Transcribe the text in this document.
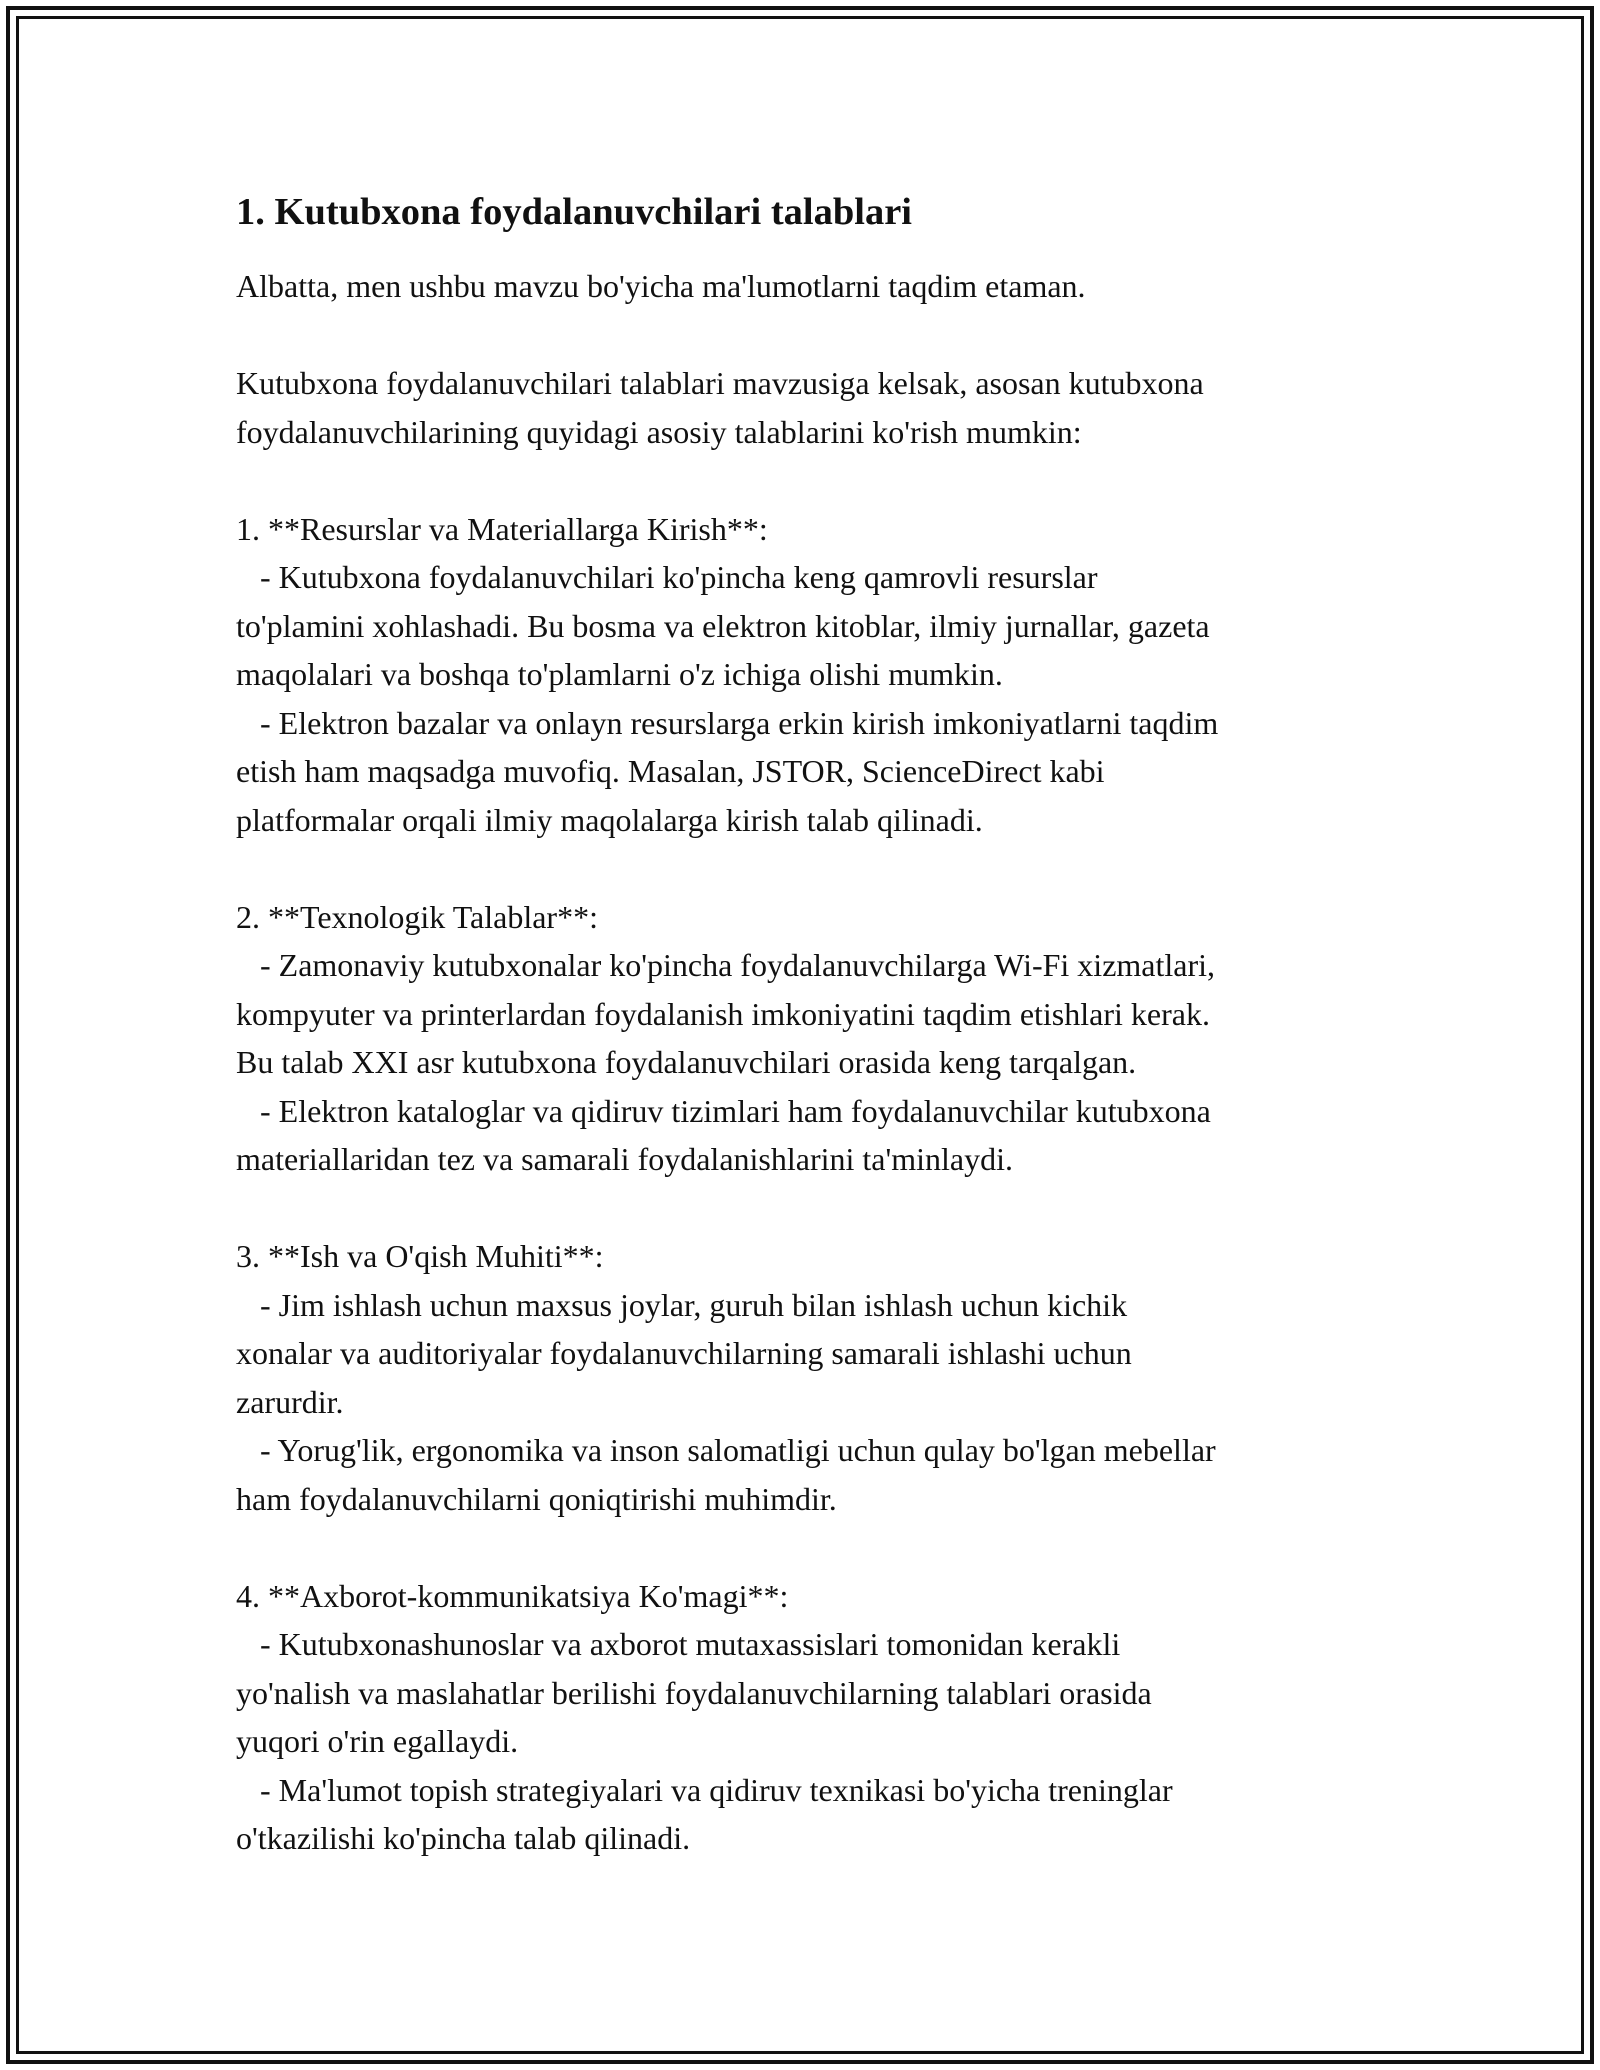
1. Kutubxona foydalanuvchilari talablari

Albatta, men ushbu mavzu bo'yicha ma'lumotlarni taqdim etaman.

Kutubxona foydalanuvchilari talablari mavzusiga kelsak, asosan kutubxona
foydalanuvchilarining quyidagi asosiy talablarini ko'rish mumkin:

1. **Resurslar va Materiallarga Kirish**:

- Kutubxona foydalanuvchilari ko'pincha keng qamrovli resurslar
to'plamini xohlashadi. Bu bosma va elektron kitoblar, ilmiy jurnallar, gazeta
maqolalari va boshqa to'plamlarni o'z ichiga olishi mumkin.

- Elektron bazalar va onlayn resurslarga erkin kirish imkoniyatlarni taqdim
etish ham maqsadga muvofiq. Masalan, JSTOR, ScienceDirect kabi
platformalar orqali ilmiy maqolalarga kirish talab qilinadi.

2. **Texnologik Talablar**:

- Zamonaviy kutubxonalar ko'pincha foydalanuvchilarga Wi-Fi xizmatlari,
kompyuter va printerlardan foydalanish imkoniyatini taqdim etishlari kerak.
Bu talab XXI asr kutubxona foydalanuvchilari orasida keng tarqalgan.

- Elektron kataloglar va qidiruv tizimlari ham foydalanuvchilar kutubxona
materiallaridan tez va samarali foydalanishlarini ta'minlaydi.

3. **Ish va O'qish Muhiti**:

- Jim ishlash uchun maxsus joylar, guruh bilan ishlash uchun kichik
xonalar va auditoriyalar foydalanuvchilarning samarali ishlashi uchun
zarurdir.

- Yorug'lik, ergonomika va inson salomatligi uchun qulay bo'lgan mebellar
ham foydalanuvchilarni qoniqtirishi muhimdir.

4. **Axborot-kommunikatsiya Ko'magi**:

- Kutubxonashunoslar va axborot mutaxassislari tomonidan kerakli
yo'nalish va maslahatlar berilishi foydalanuvchilarning talablari orasida
yuqori o'rin egallaydi.

- Ma'lumot topish strategiyalari va qidiruv texnikasi bo'yicha treninglar
o'tkazilishi ko'pincha talab qilinadi.
